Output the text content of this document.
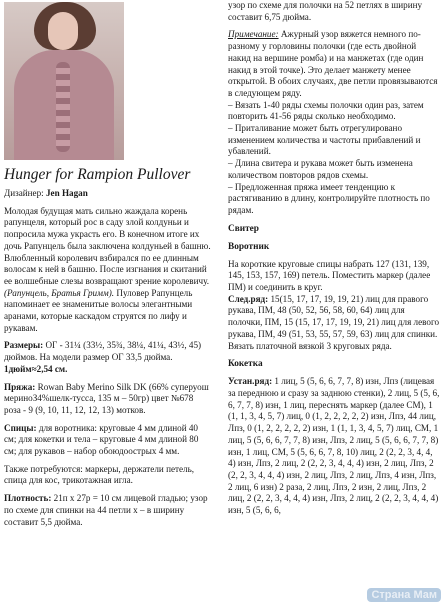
Hunger for Rampion Pullover

Дизайнер: Jen Hagan

Молодая будущая мать сильно жаждала корень рапунцеля, который рос в саду злой колдуньи и попросила мужа украсть его. В конечном итоге их дочь Рапунцель была заключена колдуньей в башню. Влюбленный королевич взбирался по ее длинным волосам к ней в башню. После изгнания и скитаний ее волшебные слезы возвращают зрение королевичу. (Рапунцель, Братья Гримм). Пуловер Рапунцель напоминает ее знаменитые волосы элегантными аранами, которые каскадом струятся по лифу и рукавам.

Размеры: ОГ - 31¼ (33½, 35¾, 38¼, 41¼, 43½, 45) дюймов. На модели размер ОГ 33,5 дюйма. 1дюйм≈2,54 см.

Пряжа: Rowan Baby Merino Silk DK (66% суперуош мериноЗ4%шелк-тусса, 135 м – 50гр) цвет №678 роза - 9 (9, 10, 11, 12, 12, 13) мотков.

Спицы: для воротника: круговые 4 мм длиной 40 см; для кокетки и тела – круговые 4 мм длиной 80 см; для рукавов – набор обоюдоострых 4 мм.

Также потребуются: маркеры, держатели петель, спица для кос, трикотажная игла.

Плотность: 21п х 27р = 10 см лицевой гладью; узор по схеме для спинки на 44 петли х – в ширину составит 5,5 дюйма.

узор по схеме для полочки на 52 петлях в ширину составит 6,75 дюйма.

Примечание: Ажурный узор вяжется немного по-разному у горловины полочки (где есть двойной накид на вершине ромба) и на манжетах (где один накид в этой точке). Это делает манжету менее открытой. В обоих случаях, две петли провязываются в следующем ряду.

– Вязать 1-40 ряды схемы полочки один раз, затем повторить 41-56 ряды сколько необходимо.

– Приталивание может быть отрегулировано изменением количества и частоты прибавлений и убавлений.

– Длина свитера и рукава может быть изменена количеством повторов рядов схемы.

– Предложенная пряжа имеет тенденцию к растягиванию в длину, контролируйте плотность по рядам.

Свитер

Воротник

На короткие круговые спицы набрать 127 (131, 139, 145, 153, 157, 169) петель. Поместить маркер (далее ПМ) и соединить в круг.

След.ряд: 15(15, 17, 17, 19, 19, 21) лиц для правого рукава, ПМ, 48 (50, 52, 56, 58, 60, 64) лиц для полочки, ПМ, 15 (15, 17, 17, 19, 19, 21) лиц для левого рукава, ПМ, 49 (51, 53, 55, 57, 59, 63) лиц для спинки. Вязать платочной вязкой 3 круговых ряда.

Кокетка

Устан.ряд: 1 лиц, 5 (5, 6, 6, 7, 7, 8) изн, Лпз (лицевая за переднюю и сразу за заднюю стенки), 2 лиц, 5 (5, 6, 6, 7, 7, 8) изн, 1 лиц, переснять маркер (далее СМ), 1 (1, 1, 3, 4, 5, 7) лиц, 0 (1, 2, 2, 2, 2, 2) изн, Лпз, 44 лиц, Лпз, 0 (1, 2, 2, 2, 2, 2) изн, 1 (1, 1, 3, 4, 5, 7) лиц, СМ, 1 лиц, 5 (5, 6, 6, 7, 7, 8) изн, Лпз, 2 лиц, 5 (5, 6, 6, 7, 7, 8) изн, 1 лиц, СМ, 5 (5, 6, 6, 7, 8, 10) лиц, 2 (2, 2, 3, 4, 4, 4) изн, Лпз, 2 лиц, 2 (2, 2, 3, 4, 4, 4) изн, 2 лиц, Лпз, 2 (2, 2, 3, 4, 4, 4) изн, 2 лиц, Лпз, 2 лиц, Лпз, 4 изн, Лпз, 2 лиц, 6 изн) 2 раза, 2 лиц, Лпз, 2 изн, 2 лиц, Лпз, 2 лиц, 2 (2, 2, 3, 4, 4, 4) изн, Лпз, 2 лиц, 2 (2, 2, 3, 4, 4, 4) изн, 5 (5, 6, 6,

Страна Мам
